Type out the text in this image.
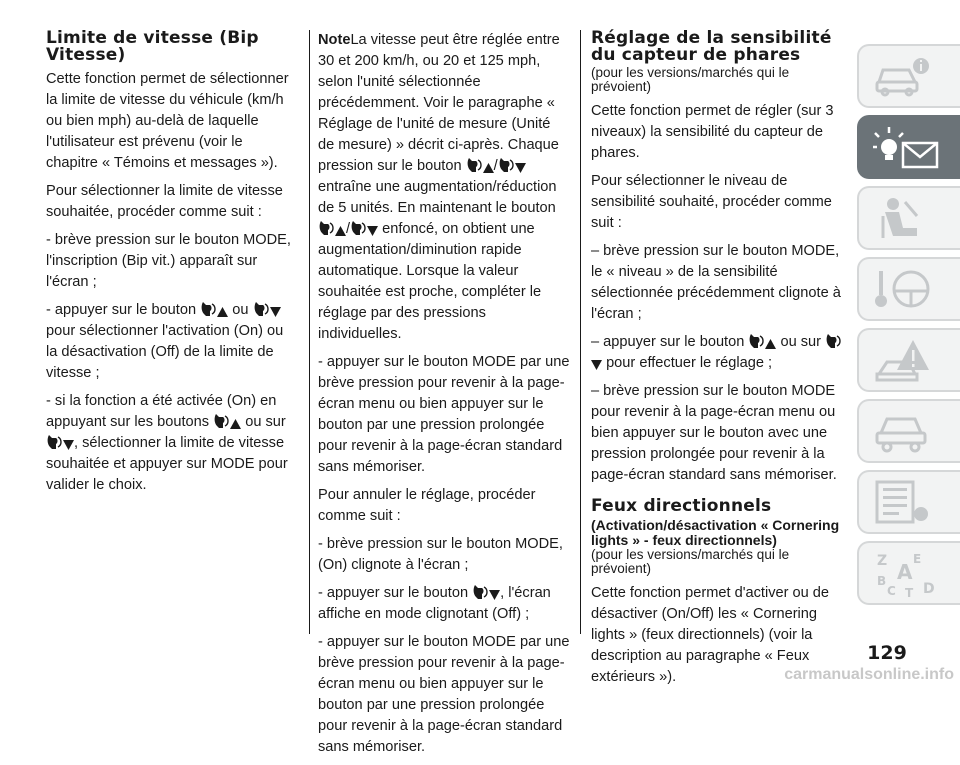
Limite de vitesse (Bip Vitesse)

Cette fonction permet de sélectionner la limite de vitesse du véhicule (km/h ou bien mph) au-delà de laquelle l'utilisateur est prévenu (voir le chapitre « Témoins et messages »).

Pour sélectionner la limite de vitesse souhaitée, procéder comme suit :

- brève pression sur le bouton MODE, l'inscription (Bip vit.) apparaît sur l'écran ;

- appuyer sur le bouton ou
pour sélectionner l'activation (On) ou la désactivation (Off) de la limite de vitesse ;

- si la fonction a été activée (On) en appuyant sur les boutons ou sur
, sélectionner la limite de vitesse souhaitée et appuyer sur MODE pour valider le choix.

NoteLa vitesse peut être réglée entre 30 et 200 km/h, ou 20 et 125 mph, selon l'unité sélectionnée précédemment. Voir le paragraphe « Réglage de l'unité de mesure (Unité de mesure) » décrit ci-après. Chaque pression sur le bouton /
entraîne une augmentation/réduction de 5 unités. En maintenant le bouton
/ enfoncé, on obtient une augmentation/diminution rapide automatique. Lorsque la valeur souhaitée est proche, compléter le réglage par des pressions individuelles.

- appuyer sur le bouton MODE par une brève pression pour revenir à la page-écran menu ou bien appuyer sur le bouton par une pression prolongée pour revenir à la page-écran standard sans mémoriser.

Pour annuler le réglage, procéder comme suit :

- brève pression sur le bouton MODE, (On) clignote à l'écran ;

- appuyer sur le bouton , l'écran affiche en mode clignotant (Off) ;

- appuyer sur le bouton MODE par une brève pression pour revenir à la page-écran menu ou bien appuyer sur le bouton par une pression prolongée pour revenir à la page-écran standard sans mémoriser.

Réglage de la sensibilité du capteur de phares

(pour les versions/marchés qui le prévoient)

Cette fonction permet de régler (sur 3 niveaux) la sensibilité du capteur de phares.

Pour sélectionner le niveau de sensibilité souhaité, procéder comme suit :

– brève pression sur le bouton MODE, le « niveau » de la sensibilité sélectionnée précédemment clignote à l'écran ;

– appuyer sur le bouton ou sur
pour effectuer le réglage ;

– brève pression sur le bouton MODE pour revenir à la page-écran menu ou bien appuyer sur le bouton avec une pression prolongée pour revenir à la page-écran standard sans mémoriser.

Feux directionnels
(Activation/désactivation « Cornering lights » - feux directionnels)

(pour les versions/marchés qui le prévoient)

Cette fonction permet d'activer ou de désactiver (On/Off) les « Cornering lights » (feux directionnels) (voir la description au paragraphe « Feux extérieurs »).

Z E
B A
C T D
129
carmanualsonline.info
